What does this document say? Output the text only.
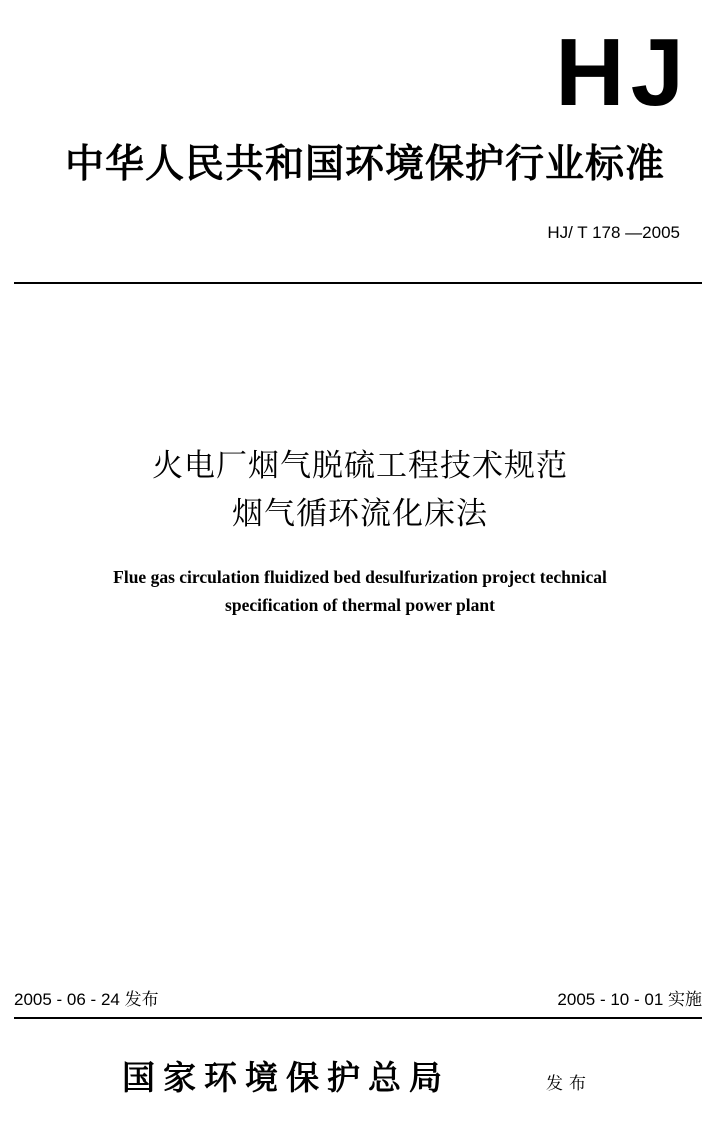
HJ
中华人民共和国环境保护行业标准
HJ/ T 178 —2005
火电厂烟气脱硫工程技术规范
烟气循环流化床法
Flue gas circulation fluidized bed desulfurization project technical
specification of thermal power plant
2005 - 06 - 24 发布	2005 - 10 - 01 实施
国家环境保护总局	发布
